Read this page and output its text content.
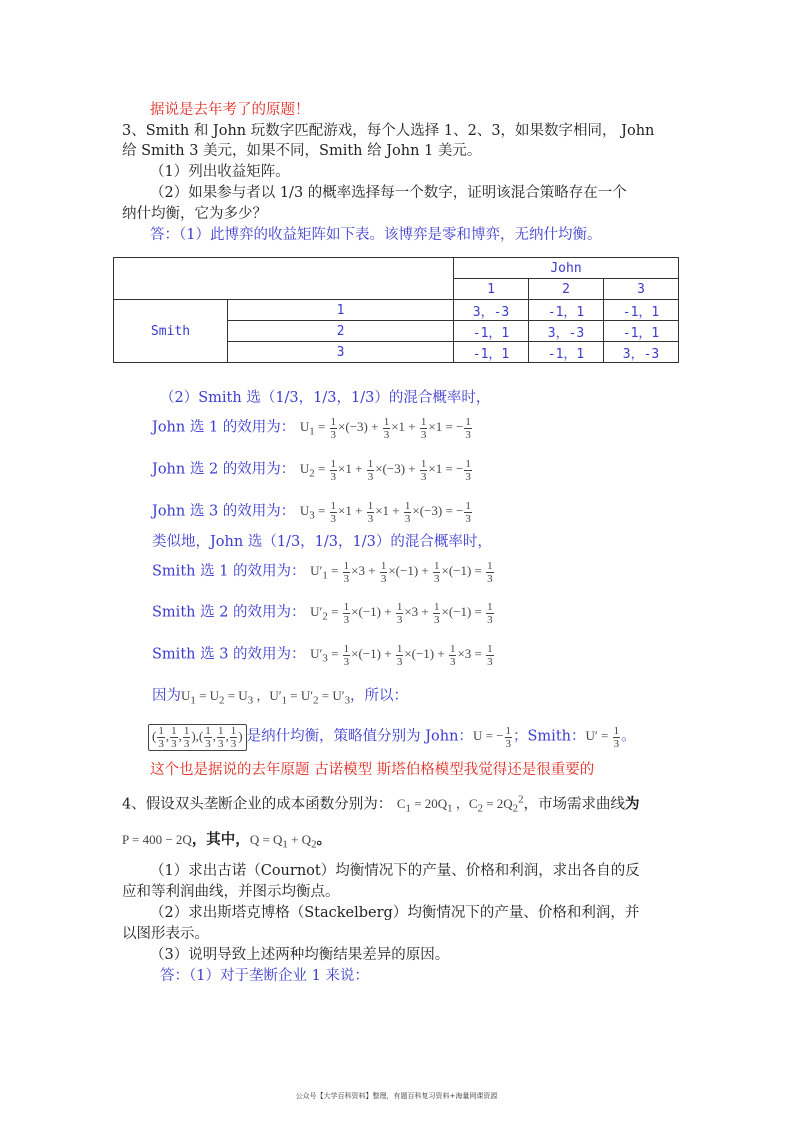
据说是去年考了的原题！
3、Smith 和 John 玩数字匹配游戏，每个人选择 1、2、3，如果数字相同， John
给 Smith 3 美元，如果不同，Smith 给 John 1 美元。
（1）列出收益矩阵。
（2）如果参与者以 1/3 的概率选择每一个数字，证明该混合策略存在一个
纳什均衡，它为多少？
答：（1）此博弈的收益矩阵如下表。该博弈是零和博弈，无纳什均衡。
		John		
		1	2	3
Smith	1	3，-3	-1，1	-1，1
	2	-1，1	3，-3	-1，1
	3	-1，1	-1，1	3，-3
（2）Smith 选（1/3，1/3，1/3）的混合概率时，
John 选 1 的效用为： $U_1 = \frac{1}{3} \times(-3) + \frac{1}{3} \times 1 + \frac{1}{3} \times 1$ = − $\frac{1}{3}$
John 选 2 的效用为： $U_2 = \frac{1}{3} \times 1 + \frac{1}{3} \times(-3) + \frac{1}{3} \times 1$ = − $\frac{1}{3}$
John 选 3 的效用为： $U_3 = \frac{1}{3} \times 1 + \frac{1}{3} \times 1 + \frac{1}{3} \times(-3)$ = − $\frac{1}{3}$
类似地，John 选（1/3，1/3，1/3）的混合概率时，
Smith 选 1 的效用为： $U'_1 = \frac{1}{3} \times 3 + \frac{1}{3} \times(-1) + \frac{1}{3} \times(-1) = \frac{1}{3}$
Smith 选 2 的效用为： $U'_2 = \frac{1}{3} \times(-1) + \frac{1}{3} \times 3 + \frac{1}{3} \times(-1) = \frac{1}{3}$
Smith 选 3 的效用为： $U'_3 = \frac{1}{3} \times(-1) + \frac{1}{3} \times(-1) + \frac{1}{3} \times 3 = \frac{1}{3}$
因为$U_1 = U_2 = U_3$ ，$U'_1 = U'_2 = U'_3$，所以：
( $\frac{1}{3}$ , $\frac{1}{3}$ , $\frac{1}{3}$ ),( $\frac{1}{3}$ , $\frac{1}{3}$ , $\frac{1}{3}$ ) 是纳什均衡，策略值分别为 John：U = − $\frac{1}{3}$ ；Smith：$U' = \frac{1}{3}$ 。
这个也是据说的去年原题 古诺模型 斯塔伯格模型我觉得还是很重要的
4、假设双头垄断企业的成本函数分别为： $C_1 = 20Q_1$ ，$C_2 = 2Q_2^2$，市场需求曲线为
P = 400 − 2Q，其中，$Q = Q_1 + Q_2$。
（1）求出古诺（Cournot）均衡情况下的产量、价格和利润，求出各自的反
应和等利润曲线，并图示均衡点。
（2）求出斯塔克博格（Stackelberg）均衡情况下的产量、价格和利润，并
以图形表示。
（3）说明导致上述两种均衡结果差异的原因。
答：（1）对于垄断企业 1 来说：
公众号【大学百科资料】整理，有题百科复习资料+海量网课资源
